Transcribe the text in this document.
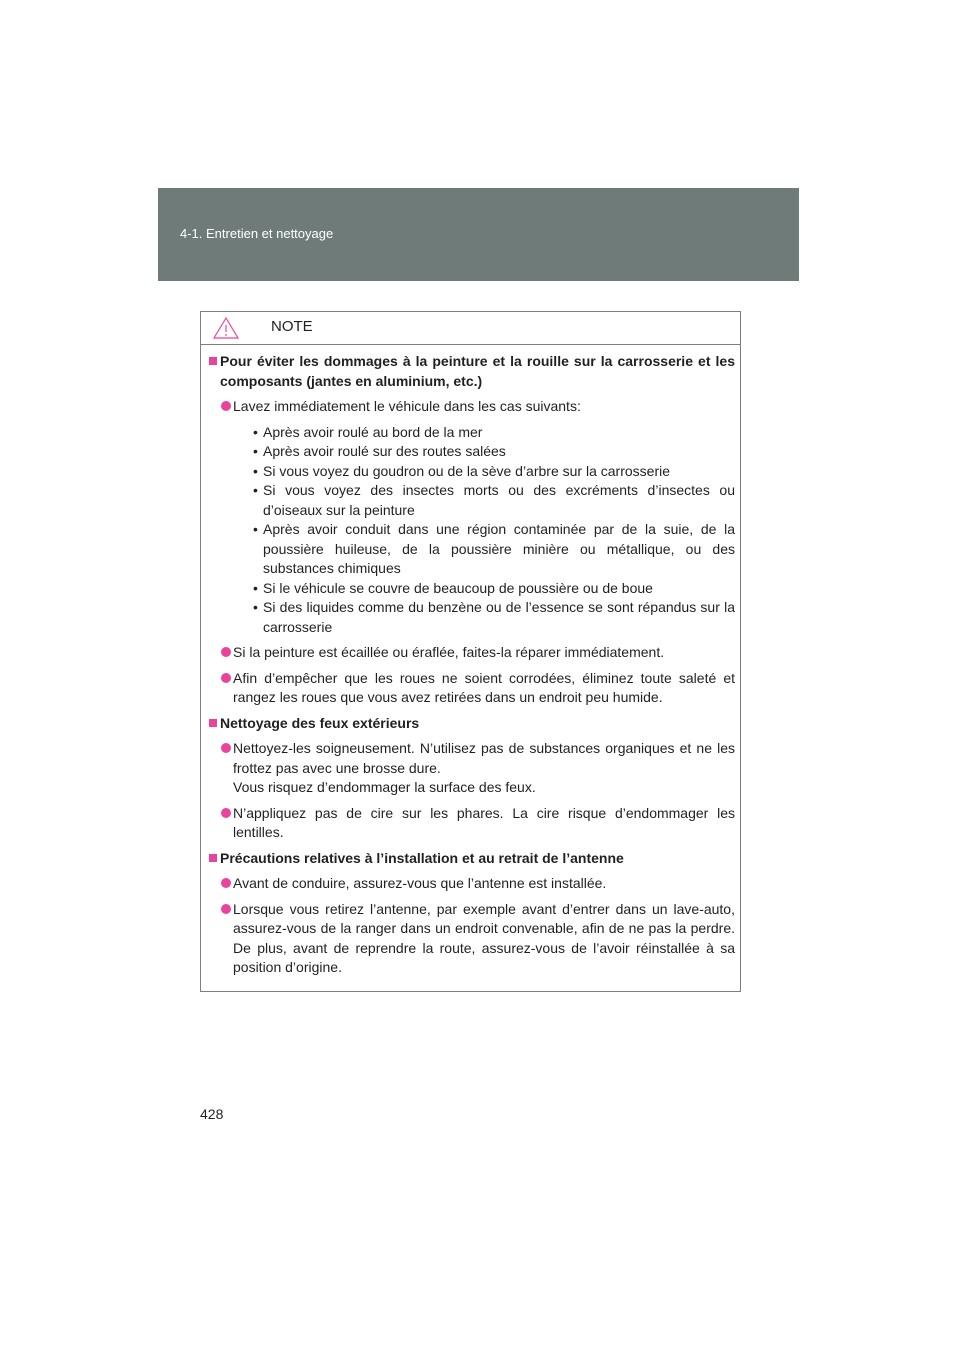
4-1. Entretien et nettoyage
NOTE
Pour éviter les dommages à la peinture et la rouille sur la carrosserie et les composants (jantes en aluminium, etc.)
Lavez immédiatement le véhicule dans les cas suivants:
• Après avoir roulé au bord de la mer
• Après avoir roulé sur des routes salées
• Si vous voyez du goudron ou de la sève d’arbre sur la carrosserie
• Si vous voyez des insectes morts ou des excréments d’insectes ou d’oiseaux sur la peinture
• Après avoir conduit dans une région contaminée par de la suie, de la poussière huileuse, de la poussière minière ou métallique, ou des substances chimiques
• Si le véhicule se couvre de beaucoup de poussière ou de boue
• Si des liquides comme du benzène ou de l’essence se sont répandus sur la carrosserie
Si la peinture est écaillée ou éraflée, faites-la réparer immédiatement.
Afin d’empêcher que les roues ne soient corrodées, éliminez toute saleté et rangez les roues que vous avez retirées dans un endroit peu humide.
Nettoyage des feux extérieurs
Nettoyez-les soigneusement. N’utilisez pas de substances organiques et ne les frottez pas avec une brosse dure.
Vous risquez d’endommager la surface des feux.
N’appliquez pas de cire sur les phares. La cire risque d’endommager les lentilles.
Précautions relatives à l’installation et au retrait de l’antenne
Avant de conduire, assurez-vous que l’antenne est installée.
Lorsque vous retirez l’antenne, par exemple avant d’entrer dans un lave-auto, assurez-vous de la ranger dans un endroit convenable, afin de ne pas la perdre. De plus, avant de reprendre la route, assurez-vous de l’avoir réinstallée à sa position d’origine.
428
